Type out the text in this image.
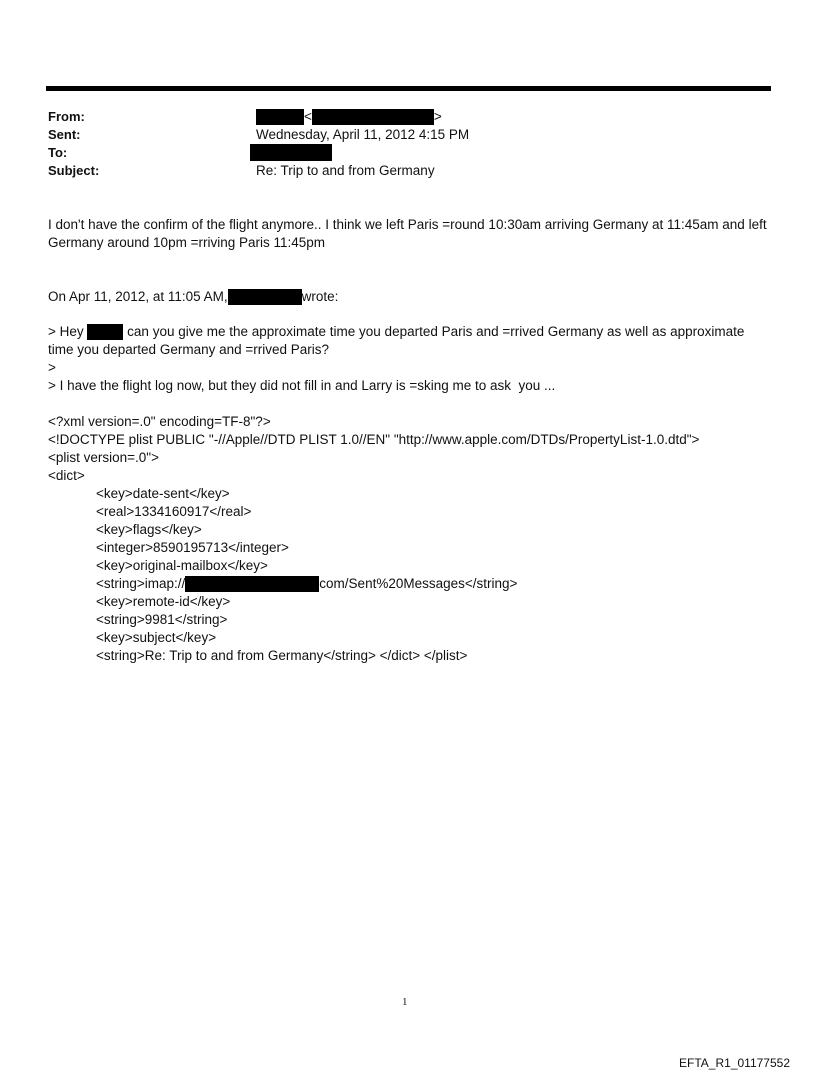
From:	<	>
Sent:	Wednesday, April 11, 2012 4:15 PM
To:
Subject:	Re: Trip to and from Germany
I don't have the confirm of the flight anymore.. I think we left Paris =round 10:30am arriving Germany at 11:45am and left Germany around 10pm =rriving Paris 11:45pm
On Apr 11, 2012, at 11:05 AM,	wrote:
> Hey	can you give me the approximate time you departed Paris and =rrived Germany as well as approximate
time you departed Germany and =rrived Paris?
>
> I have the flight log now, but they did not fill in and Larry is =sking me to ask  you ...
<?xml version=.0" encoding=TF-8"?>
<!DOCTYPE plist PUBLIC "-//Apple//DTD PLIST 1.0//EN" "http://www.apple.com/DTDs/PropertyList-1.0.dtd">
<plist version=.0">
<dict>
<key>date-sent</key>
<real>1334160917</real>
<key>flags</key>
<integer>8590195713</integer>
<key>original-mailbox</key>
<string>imap://	com/Sent%20Messages</string>
<key>remote-id</key>
<string>9981</string>
<key>subject</key>
<string>Re: Trip to and from Germany</string> </dict> </plist>
1
EFTA_R1_01177552
